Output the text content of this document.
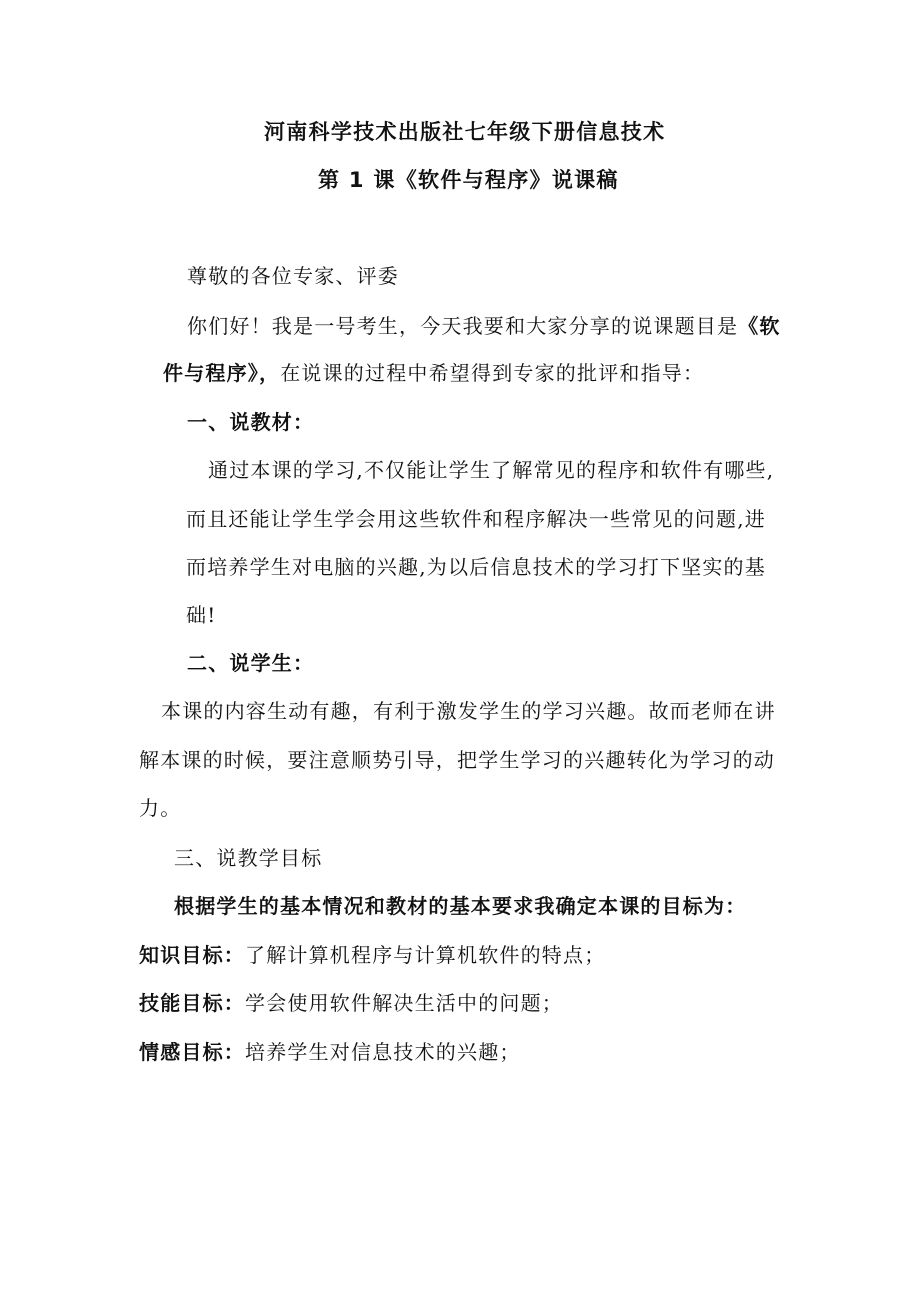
河南科学技术出版社七年级下册信息技术
第 1 课《软件与程序》说课稿
尊敬的各位专家、评委
你们好！我是一号考生，今天我要和大家分享的说课题目是《软
件与程序》，在说课的过程中希望得到专家的批评和指导：
一、说教材：
通过本课的学习,不仅能让学生了解常见的程序和软件有哪些,
而且还能让学生学会用这些软件和程序解决一些常见的问题,进
而培养学生对电脑的兴趣,为以后信息技术的学习打下坚实的基
础!
二、说学生：
本课的内容生动有趣，有利于激发学生的学习兴趣。故而老师在讲
解本课的时候，要注意顺势引导，把学生学习的兴趣转化为学习的动
力。
三、说教学目标
根据学生的基本情况和教材的基本要求我确定本课的目标为：
知识目标：了解计算机程序与计算机软件的特点；
技能目标：学会使用软件解决生活中的问题；
情感目标：培养学生对信息技术的兴趣；
